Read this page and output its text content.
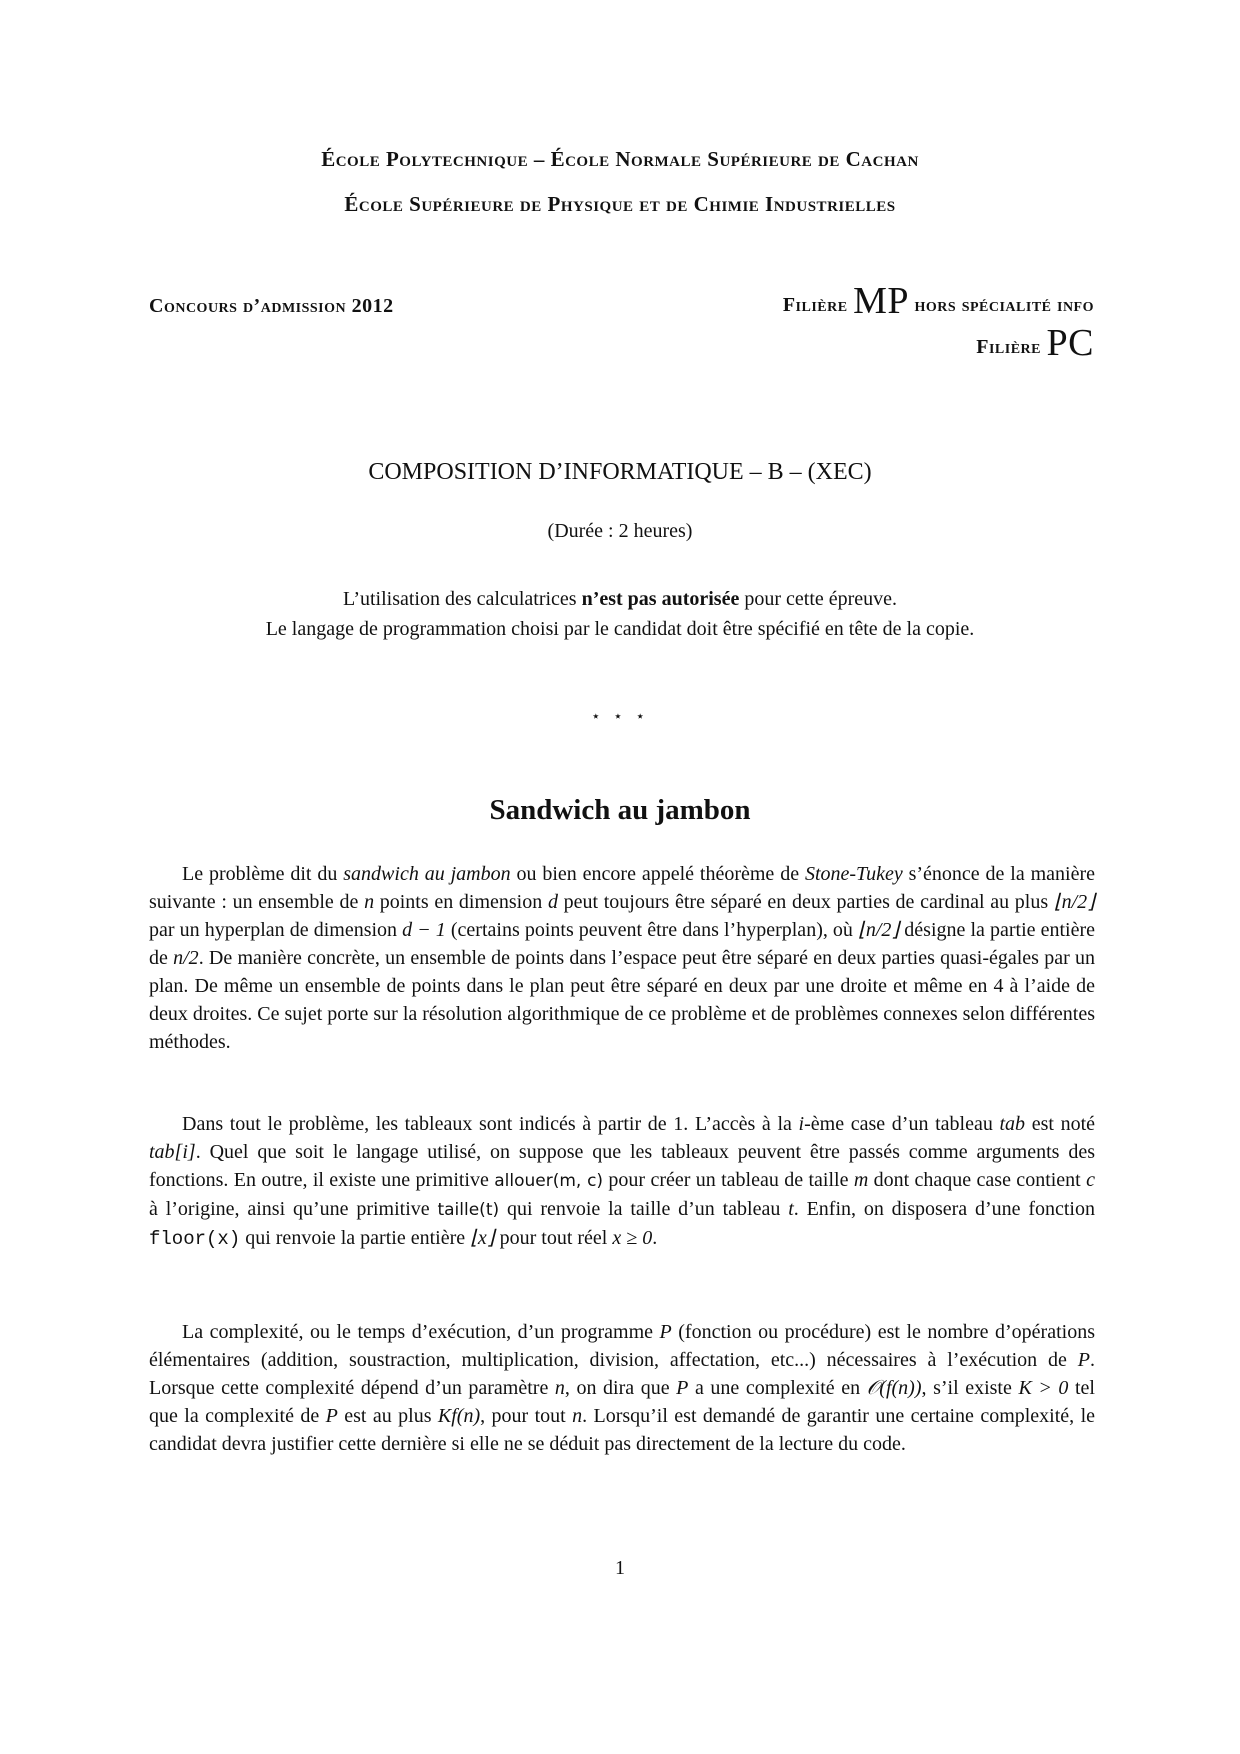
École Polytechnique – École Normale Supérieure de Cachan
École Supérieure de Physique et de Chimie Industrielles
Concours d’admission 2012	Filière MP hors spécialité info
Filière PC
COMPOSITION D’INFORMATIQUE – B – (XEC)
(Durée : 2 heures)
L’utilisation des calculatrices n’est pas autorisée pour cette épreuve.
Le langage de programmation choisi par le candidat doit être spécifié en tête de la copie.
⋆ ⋆ ⋆
Sandwich au jambon
Le problème dit du sandwich au jambon ou bien encore appelé théorème de Stone-Tukey s’énonce de la manière suivante : un ensemble de n points en dimension d peut toujours être séparé en deux parties de cardinal au plus ⌊n/2⌋ par un hyperplan de dimension d − 1 (certains points peuvent être dans l’hyperplan), où ⌊n/2⌋ désigne la partie entière de n/2. De manière concrète, un ensemble de points dans l’espace peut être séparé en deux parties quasi-égales par un plan. De même un ensemble de points dans le plan peut être séparé en deux par une droite et même en 4 à l’aide de deux droites. Ce sujet porte sur la résolution algorithmique de ce problème et de problèmes connexes selon différentes méthodes.
Dans tout le problème, les tableaux sont indicés à partir de 1. L’accès à la i-ème case d’un tableau tab est noté tab[i]. Quel que soit le langage utilisé, on suppose que les tableaux peuvent être passés comme arguments des fonctions. En outre, il existe une primitive allouer(m, c) pour créer un tableau de taille m dont chaque case contient c à l’origine, ainsi qu’une primitive taille(t) qui renvoie la taille d’un tableau t. Enfin, on disposera d’une fonction floor(x) qui renvoie la partie entière ⌊x⌋ pour tout réel x ≥ 0.
La complexité, ou le temps d’exécution, d’un programme P (fonction ou procédure) est le nombre d’opérations élémentaires (addition, soustraction, multiplication, division, affectation, etc...) nécessaires à l’exécution de P. Lorsque cette complexité dépend d’un paramètre n, on dira que P a une complexité en 𝒪(f(n)), s’il existe K > 0 tel que la complexité de P est au plus Kf(n), pour tout n. Lorsqu’il est demandé de garantir une certaine complexité, le candidat devra justifier cette dernière si elle ne se déduit pas directement de la lecture du code.
1
